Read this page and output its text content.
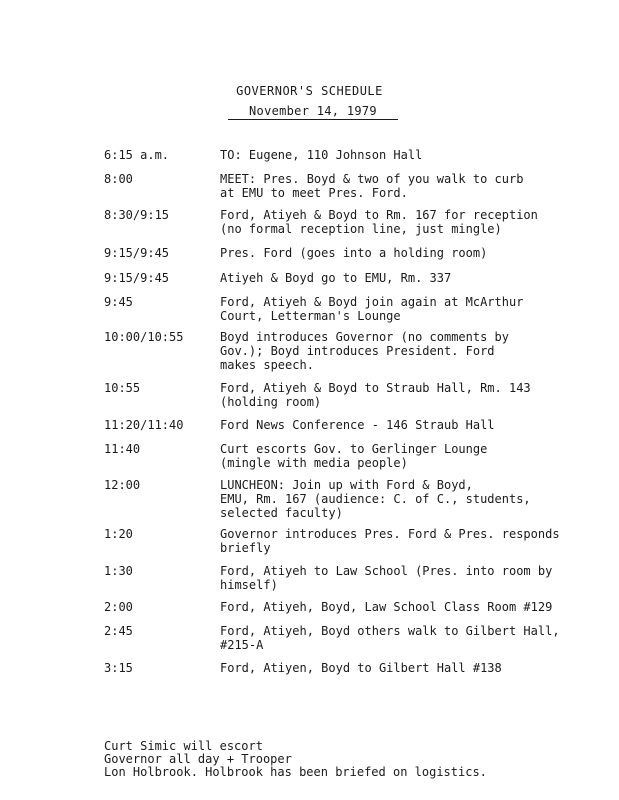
GOVERNOR'S SCHEDULE
November 14, 1979
6:15 a.m.	TO: Eugene, 110 Johnson Hall
8:00	MEET: Pres. Boyd & two of you walk to curb
at EMU to meet Pres. Ford.
8:30/9:15	Ford, Atiyeh & Boyd to Rm. 167 for reception
(no formal reception line, just mingle)
9:15/9:45	Pres. Ford (goes into a holding room)
9:15/9:45	Atiyeh & Boyd go to EMU, Rm. 337
9:45	Ford, Atiyeh & Boyd join again at McArthur
Court, Letterman's Lounge
10:00/10:55	Boyd introduces Governor (no comments by
Gov.); Boyd introduces President. Ford
makes speech.
10:55	Ford, Atiyeh & Boyd to Straub Hall, Rm. 143
(holding room)
11:20/11:40	Ford News Conference - 146 Straub Hall
11:40	Curt escorts Gov. to Gerlinger Lounge
(mingle with media people)
12:00	LUNCHEON: Join up with Ford & Boyd,
EMU, Rm. 167 (audience: C. of C., students,
selected faculty)
1:20	Governor introduces Pres. Ford & Pres. responds
briefly
1:30	Ford, Atiyeh to Law School (Pres. into room by
himself)
2:00	Ford, Atiyeh, Boyd, Law School Class Room #129
2:45	Ford, Atiyeh, Boyd others walk to Gilbert Hall,
#215-A
3:15	Ford, Atiyen, Boyd to Gilbert Hall #138
Curt Simic will escort
Governor all day + Trooper
Lon Holbrook. Holbrook has been briefed on logistics.
